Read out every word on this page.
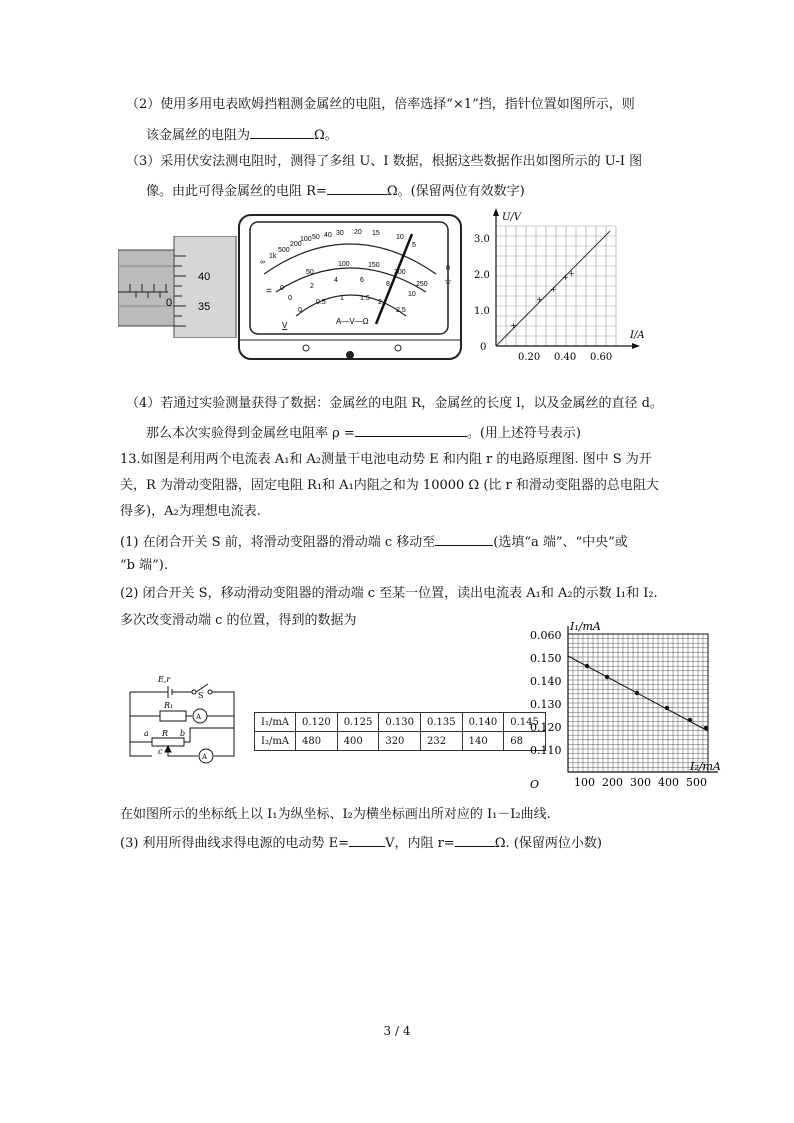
（2）使用多用电表欧姆挡粗测金属丝的电阻，倍率选择“×1”挡，指针位置如图所示，则
该金属丝的电阻为	Ω。
（3）采用伏安法测电阻时，测得了多组 U、I 数据，根据这些数据作出如图所示的 U-I 图
像。由此可得金属丝的电阻 R=	Ω。(保留两位有效数字)
40
0 35
∞
1k
500
200
100 50 40 30 20 15
10
5
0
0
50
100	150
200
250
0
2
4	6
8
10
0
0.5
1 1.5
2
2.5
=
V	A—V—Ω
☆
+
+
+
+ +
U/V
I/A
0
1.0
2.0
3.0
0.20 0.40 0.60
（4）若通过实验测量获得了数据：金属丝的电阻 R，金属丝的长度 l，以及金属丝的直径 d。
那么本次实验得到金属丝电阻率 ρ =	。(用上述符号表示)
13.如图是利用两个电流表 A₁和 A₂测量干电池电动势 E 和内阻 r 的电路原理图. 图中 S 为开
关，R 为滑动变阻器，固定电阻 R₁和 A₁内阻之和为 10000 Ω (比 r 和滑动变阻器的总电阻大
得多)，A₂为理想电流表.
(1) 在闭合开关 S 前，将滑动变阻器的滑动端 c 移动至	(选填“a 端”、“中央”或
“b 端”).
(2) 闭合开关 S，移动滑动变阻器的滑动端 c 至某一位置，读出电流表 A₁和 A₂的示数 I₁和 I₂.
多次改变滑动端 c 的位置，得到的数据为
E,r
S
R₁
A
a R b
c
A
I₁/mA	0.120	0.125	0.130	0.135	0.140	0.145
I₂/mA	480	400	320	232	140	68
I₁/mA
I₂/mA
O
0.110
0.120
0.130
0.140
0.150
0.060
100 200 300 400 500
在如图所示的坐标纸上以 I₁为纵坐标、I₂为横坐标画出所对应的 I₁－I₂曲线.
(3) 利用所得曲线求得电源的电动势 E=	V，内阻 r=	Ω. (保留两位小数)
3 / 4
